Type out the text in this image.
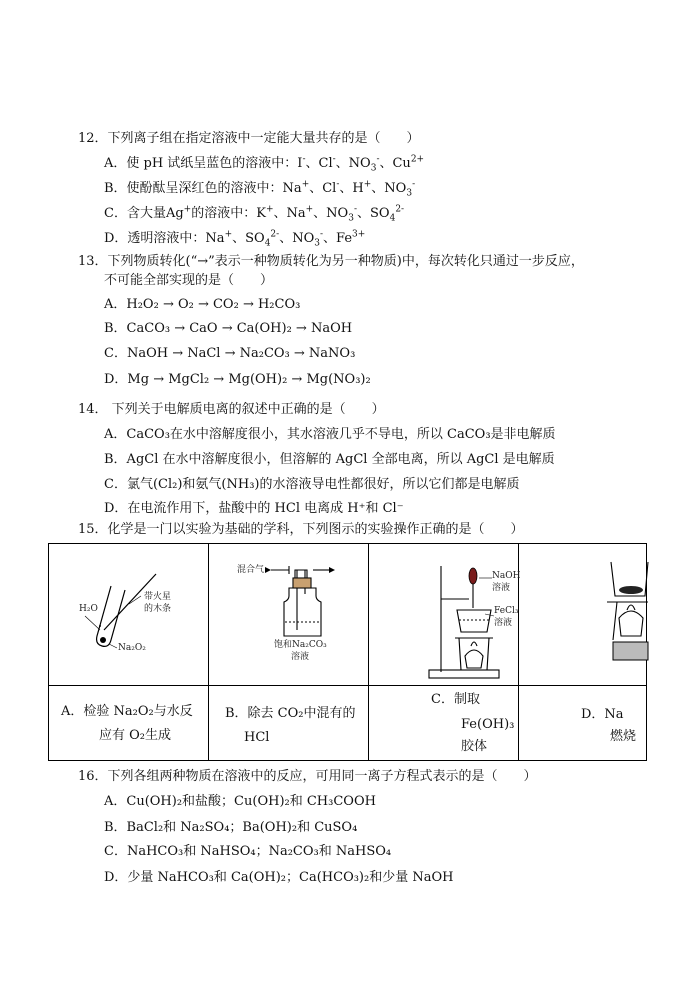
12．下列离子组在指定溶液中一定能大量共存的是（　　）
A．使 pH 试纸呈蓝色的溶液中：I-、Cl-、$NO_3^-$、$Cu^{2+}$
B．使酚酞呈深红色的溶液中：Na+、Cl-、H+、$NO_3^-$
C．含大量Ag+的溶液中：K+、Na+、$NO_3^-$、$SO_4^{2-}$
D．透明溶液中：Na+、$SO_4^{2-}$、$NO_3^-$、$Fe^{3+}$
13．下列物质转化(“→”表示一种物质转化为另一种物质)中，每次转化只通过一步反应，
不可能全部实现的是（　　）
A．H₂O₂ → O₂ → CO₂ → H₂CO₃
B．CaCO₃ → CaO → Ca(OH)₂ → NaOH
C．NaOH → NaCl → Na₂CO₃ → NaNO₃
D．Mg → MgCl₂ → Mg(OH)₂ → Mg(NO₃)₂
14． 下列关于电解质电离的叙述中正确的是（　　）
A．CaCO₃在水中溶解度很小，其水溶液几乎不导电，所以 CaCO₃是非电解质
B．AgCl 在水中溶解度很小，但溶解的 AgCl 全部电离，所以 AgCl 是电解质
C．氯气(Cl₂)和氨气(NH₃)的水溶液导电性都很好，所以它们都是电解质
D．在电流作用下，盐酸中的 HCl 电离成 H⁺和 Cl⁻
15．化学是一门以实验为基础的学科，下列图示的实验操作正确的是（　　）
H₂O
带火星
的木条
Na₂O₂
混合气
饱和Na₂CO₃
溶液
NaOH
溶液
FeCl₃
溶液
A．检验 Na₂O₂与水反
应有 O₂生成
B．除去 CO₂中混有的
HCl
C．制取
Fe(OH)₃
胶体
D．Na
燃烧
16．下列各组两种物质在溶液中的反应，可用同一离子方程式表示的是（　　）
A．Cu(OH)₂和盐酸；Cu(OH)₂和 CH₃COOH
B．BaCl₂和 Na₂SO₄；Ba(OH)₂和 CuSO₄
C．NaHCO₃和 NaHSO₄；Na₂CO₃和 NaHSO₄
D．少量 NaHCO₃和 Ca(OH)₂；Ca(HCO₃)₂和少量 NaOH
